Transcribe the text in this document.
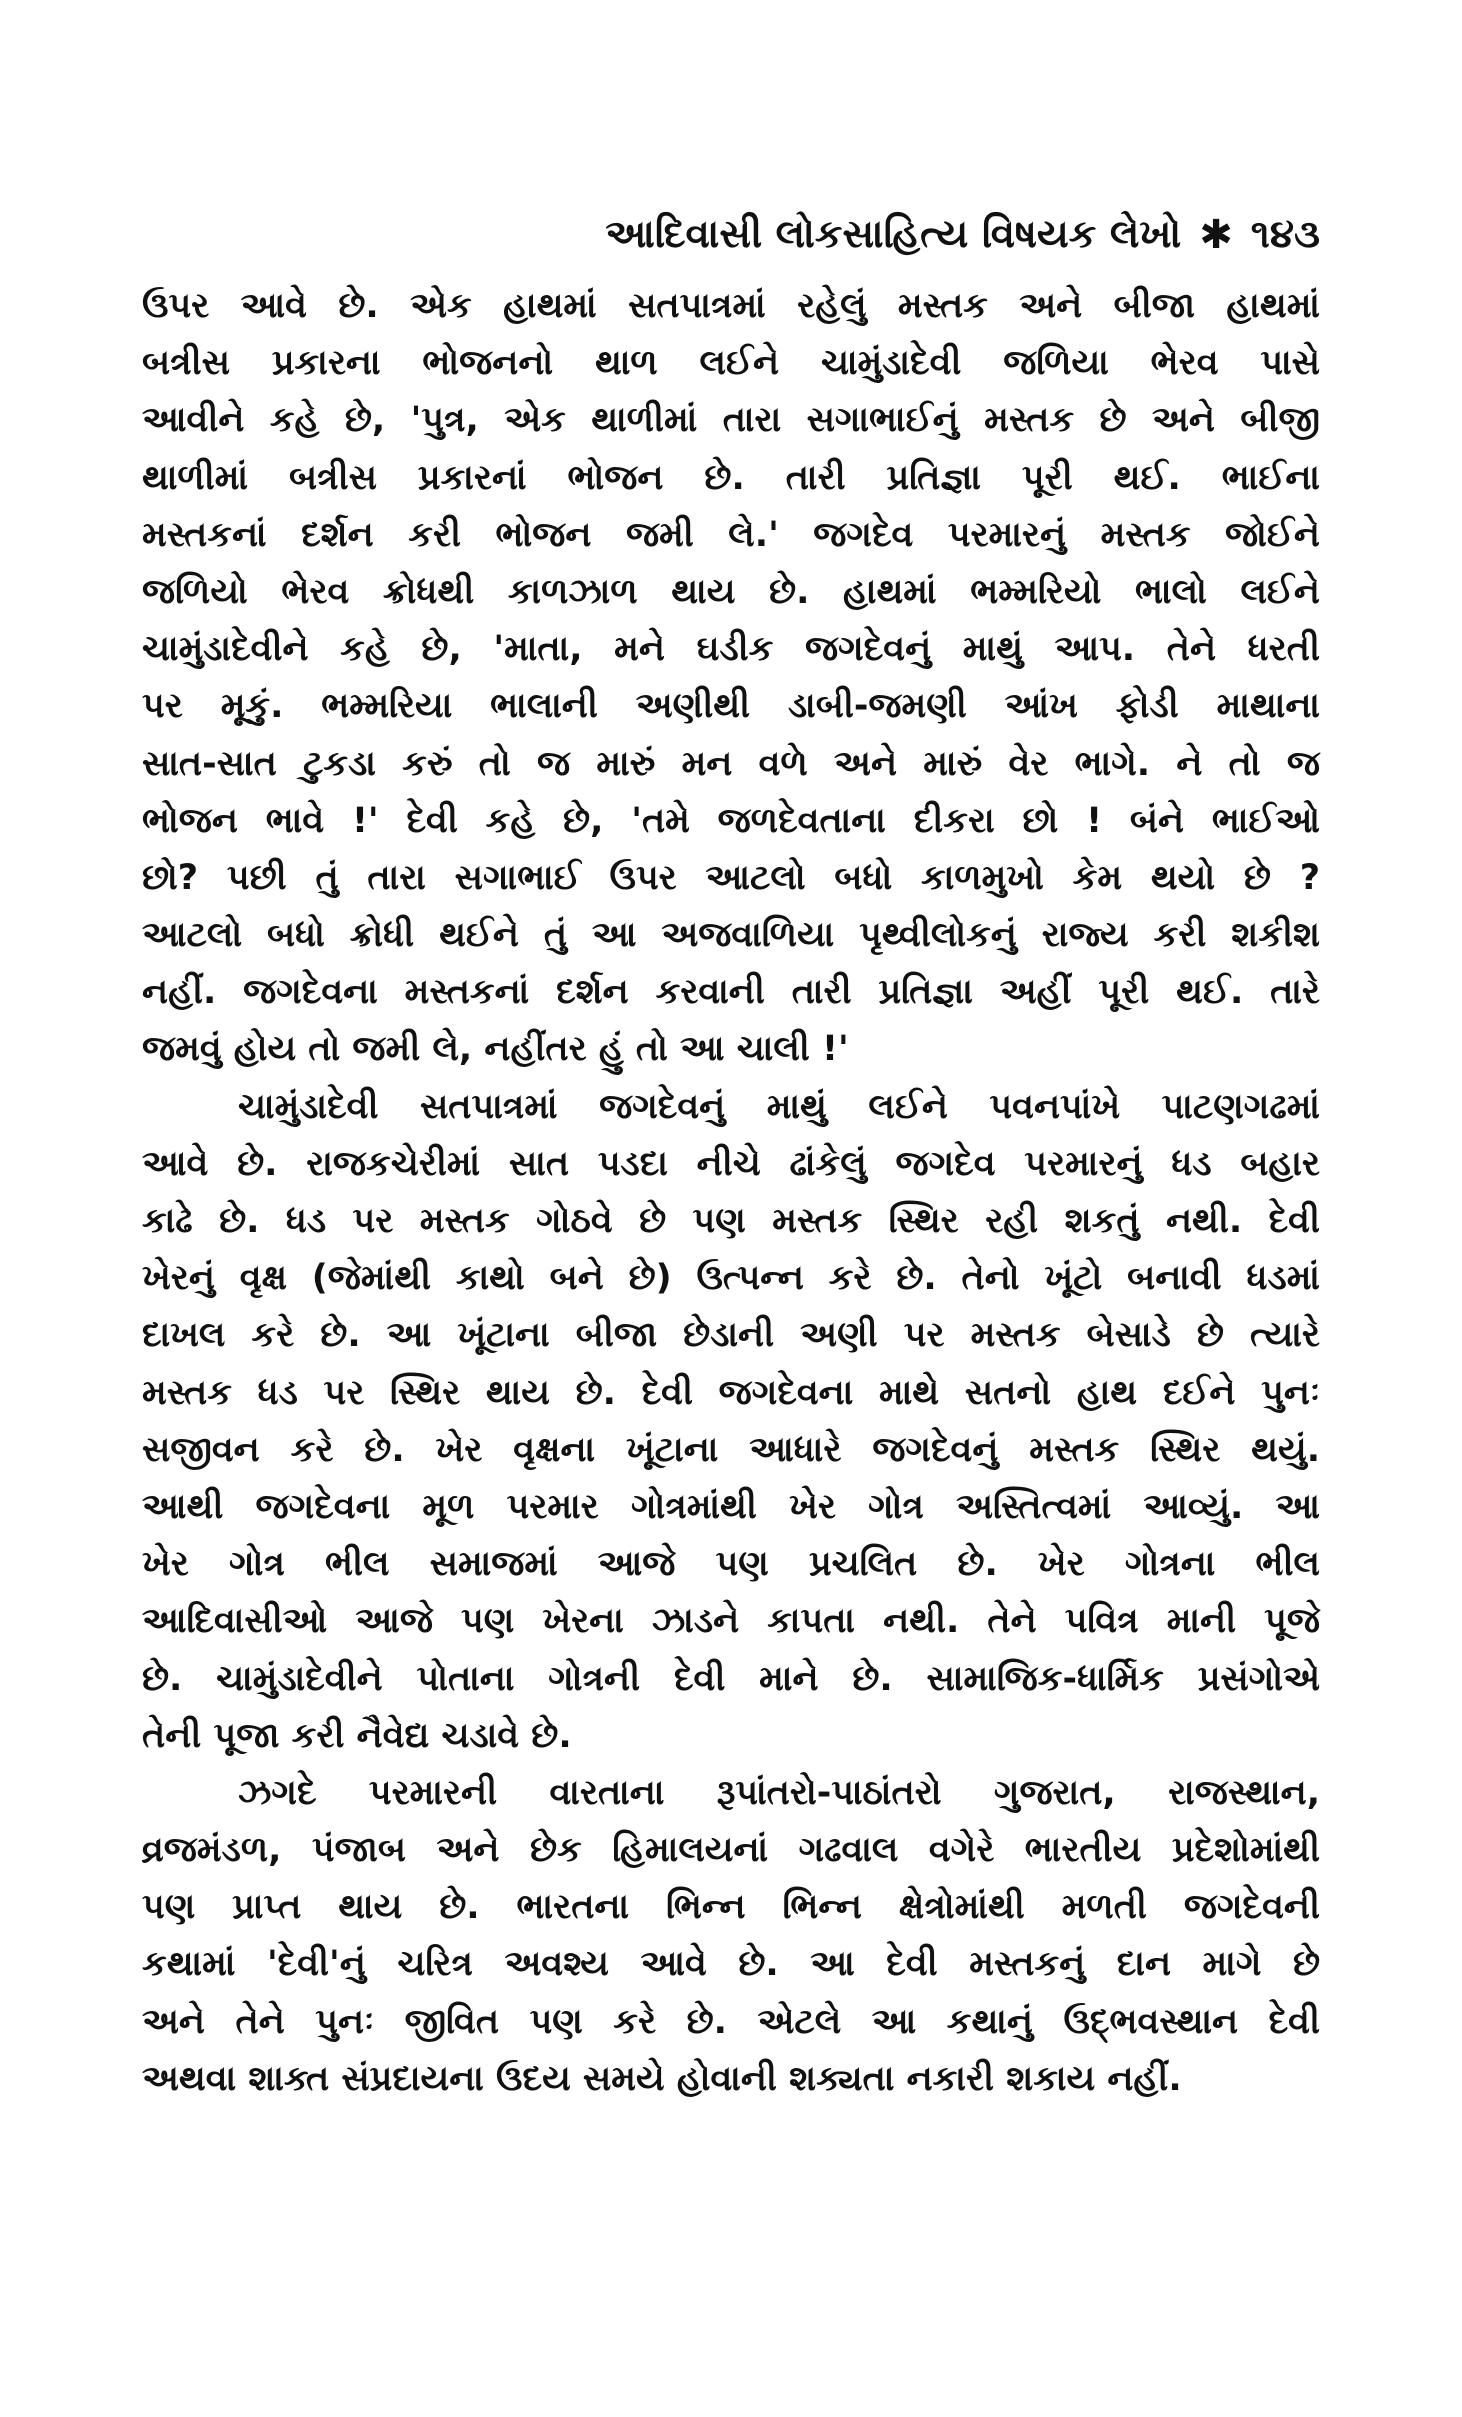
આદિવાસી લોકસાહિત્ય વિષયક લેખો ✱ ૧૪૩
ઉપર આવે છે. એક હાથમાં સતપાત્રમાં રહેલું મસ્તક અને બીજા હાથમાં
બત્રીસ પ્રકારના ભોજનનો થાળ લઈને ચામુંડાદેવી જળિયા ભેરવ પાસે
આવીને કહે છે, 'પુત્ર, એક થાળીમાં તારા સગાભાઈનું મસ્તક છે અને બીજી
થાળીમાં બત્રીસ પ્રકારનાં ભોજન છે. તારી પ્રતિજ્ઞા પૂરી થઈ. ભાઈના
મસ્તકનાં દર્શન કરી ભોજન જમી લે.' જગદેવ પરમારનું મસ્તક જોઈને
જળિયો ભેરવ ક્રોધથી કાળઝાળ થાય છે. હાથમાં ભમ્મરિયો ભાલો લઈને
ચામુંડાદેવીને કહે છે, 'માતા, મને ઘડીક જગદેવનું માથું આપ. તેને ધરતી
પર મૂકું. ભમ્મરિયા ભાલાની અણીથી ડાબી-જમણી આંખ ફોડી માથાના
સાત-સાત ટુકડા કરું તો જ મારું મન વળે અને મારું વેર ભાગે. ને તો જ
ભોજન ભાવે !' દેવી કહે છે, 'તમે જળદેવતાના દીકરા છો ! બંને ભાઈઓ
છો? પછી તું તારા સગાભાઈ ઉપર આટલો બધો કાળમુખો કેમ થયો છે ?
આટલો બધો ક્રોધી થઈને તું આ અજવાળિયા પૃથ્વીલોકનું રાજ્ય કરી શકીશ
નહીં. જગદેવના મસ્તકનાં દર્શન કરવાની તારી પ્રતિજ્ઞા અહીં પૂરી થઈ. તારે
જમવું હોય તો જમી લે, નહીંતર હું તો આ ચાલી !'
ચામુંડાદેવી સતપાત્રમાં જગદેવનું માથું લઈને પવનપાંખે પાટણગઢમાં
આવે છે. રાજકચેરીમાં સાત પડદા નીચે ઢાંકેલું જગદેવ પરમારનું ધડ બહાર
કાઢે છે. ધડ પર મસ્તક ગોઠવે છે પણ મસ્તક સ્થિર રહી શકતું નથી. દેવી
ખેરનું વૃક્ષ (જેમાંથી કાથો બને છે) ઉત્પન્ન કરે છે. તેનો ખૂંટો બનાવી ધડમાં
દાખલ કરે છે. આ ખૂંટાના બીજા છેડાની અણી પર મસ્તક બેસાડે છે ત્યારે
મસ્તક ધડ પર સ્થિર થાય છે. દેવી જગદેવના માથે સતનો હાથ દઈને પુનઃ
સજીવન કરે છે. ખેર વૃક્ષના ખૂંટાના આધારે જગદેવનું મસ્તક સ્થિર થયું.
આથી જગદેવના મૂળ પરમાર ગોત્રમાંથી ખેર ગોત્ર અસ્તિત્વમાં આવ્યું. આ
ખેર ગોત્ર ભીલ સમાજમાં આજે પણ પ્રચલિત છે. ખેર ગોત્રના ભીલ
આદિવાસીઓ આજે પણ ખેરના ઝાડને કાપતા નથી. તેને પવિત્ર માની પૂજે
છે. ચામુંડાદેવીને પોતાના ગોત્રની દેવી માને છે. સામાજિક-ધાર્મિક પ્રસંગોએ
તેની પૂજા કરી નૈવેદ્ય ચડાવે છે.
ઝગદે પરમારની વારતાના રૂપાંતરો-પાઠાંતરો ગુજરાત, રાજસ્થાન,
વ્રજમંડળ, પંજાબ અને છેક હિમાલયનાં ગઢવાલ વગેરે ભારતીય પ્રદેશોમાંથી
પણ પ્રાપ્ત થાય છે. ભારતના ભિન્ન ભિન્ન ક્ષેત્રોમાંથી મળતી જગદેવની
કથામાં 'દેવી'નું ચરિત્ર અવશ્ય આવે છે. આ દેવી મસ્તકનું દાન માગે છે
અને તેને પુનઃ જીવિત પણ કરે છે. એટલે આ કથાનું ઉદ્ભવસ્થાન દેવી
અથવા શાક્ત સંપ્રદાયના ઉદય સમયે હોવાની શક્યતા નકારી શકાય નહીં.
